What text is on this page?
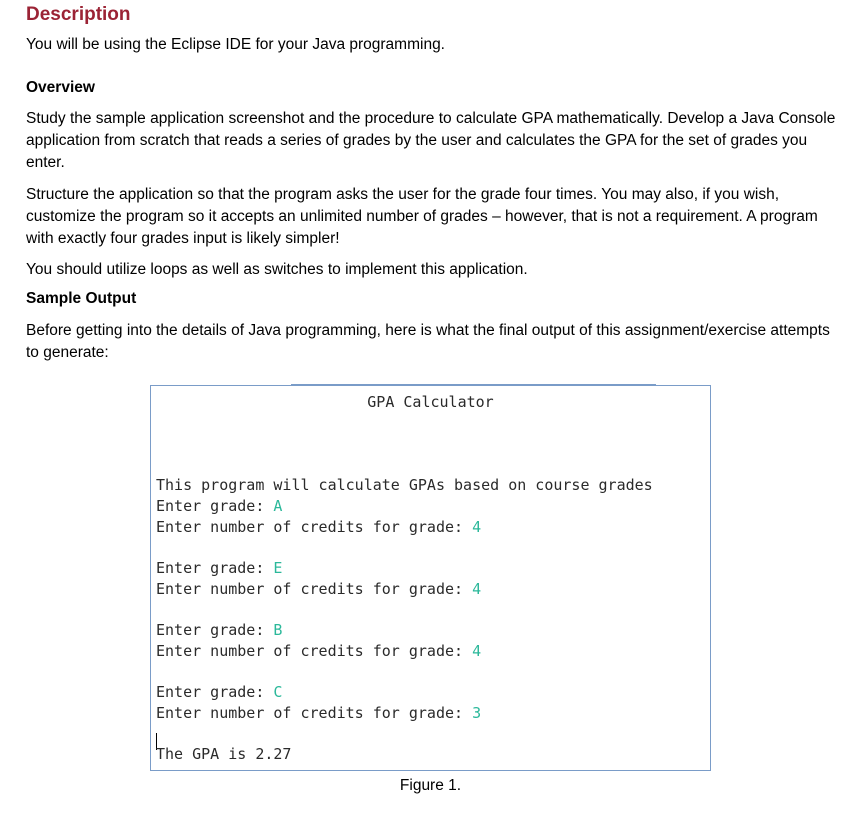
Description
You will be using the Eclipse IDE for your Java programming.
Overview
Study the sample application screenshot and the procedure to calculate GPA mathematically. Develop a Java Console application from scratch that reads a series of grades by the user and calculates the GPA for the set of grades you enter.
Structure the application so that the program asks the user for the grade four times. You may also, if you wish, customize the program so it accepts an unlimited number of grades – however, that is not a requirement. A program with exactly four grades input is likely simpler!
You should utilize loops as well as switches to implement this application.
Sample Output
Before getting into the details of Java programming, here is what the final output of this assignment/exercise attempts to generate:
GPA Calculator
This program will calculate GPAs based on course grades
Enter grade: A
Enter number of credits for grade: 4
Enter grade: E
Enter number of credits for grade: 4
Enter grade: B
Enter number of credits for grade: 4
Enter grade: C
Enter number of credits for grade: 3
The GPA is 2.27
Figure 1.
